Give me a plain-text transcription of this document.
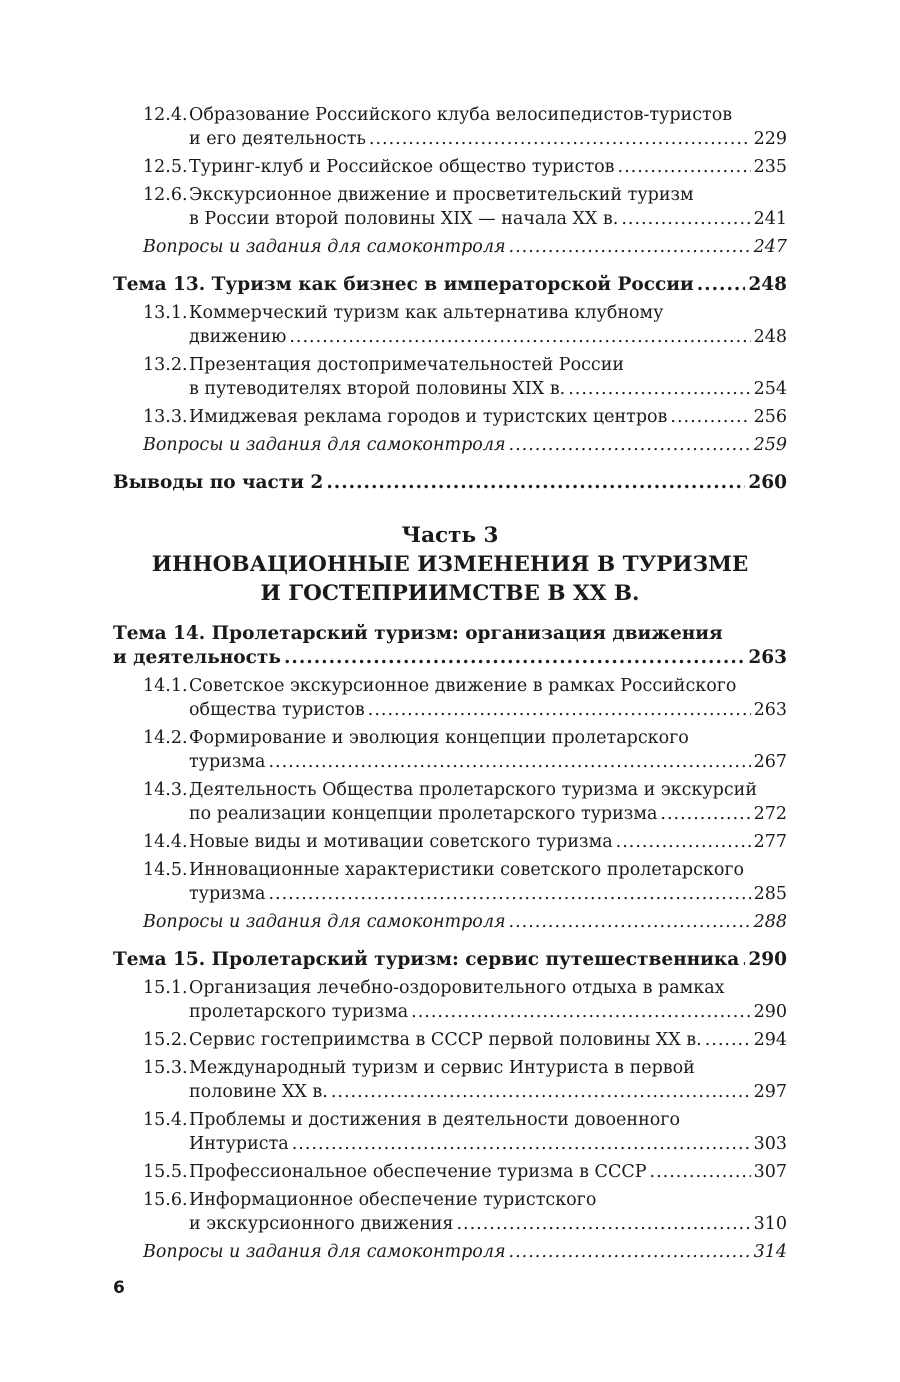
12.4. Образование Российского клуба велосипедистов-туристов
и его деятельность .....	229
12.5. Туринг-клуб и Российское общество туристов .....	235
12.6. Экскурсионное движение и просветительский туризм
в России второй половины XIX — начала XX в. .....	241
Вопросы и задания для самоконтроля .....	247
Тема 13. Туризм как бизнес в императорской России .....	248
13.1. Коммерческий туризм как альтернатива клубному
движению .....	248
13.2. Презентация достопримечательностей России
в путеводителях второй половины XIX в. .....	254
13.3. Имиджевая реклама городов и туристских центров .....	256
Вопросы и задания для самоконтроля .....	259
Выводы по части 2 .....	260
Часть 3
ИННОВАЦИОННЫЕ ИЗМЕНЕНИЯ В ТУРИЗМЕ
И ГОСТЕПРИИМСТВЕ В XX В.
Тема 14. Пролетарский туризм: организация движения
и деятельность .....	263
14.1. Советское экскурсионное движение в рамках Российского
общества туристов .....	263
14.2. Формирование и эволюция концепции пролетарского
туризма .....	267
14.3. Деятельность Общества пролетарского туризма и экскурсий
по реализации концепции пролетарского туризма .....	272
14.4. Новые виды и мотивации советского туризма .....	277
14.5. Инновационные характеристики советского пролетарского
туризма .....	285
Вопросы и задания для самоконтроля .....	288
Тема 15. Пролетарский туризм: сервис путешественника ..... 290
15.1. Организация лечебно-оздоровительного отдыха в рамках
пролетарского туризма .....	290
15.2. Сервис гостеприимства в СССР первой половины XX в. .....	294
15.3. Международный туризм и сервис Интуриста в первой
половине XX в. .....	297
15.4. Проблемы и достижения в деятельности довоенного
Интуриста .....	303
15.5. Профессиональное обеспечение туризма в СССР .....	307
15.6. Информационное обеспечение туристского
и экскурсионного движения .....	310
Вопросы и задания для самоконтроля .....	314
6
